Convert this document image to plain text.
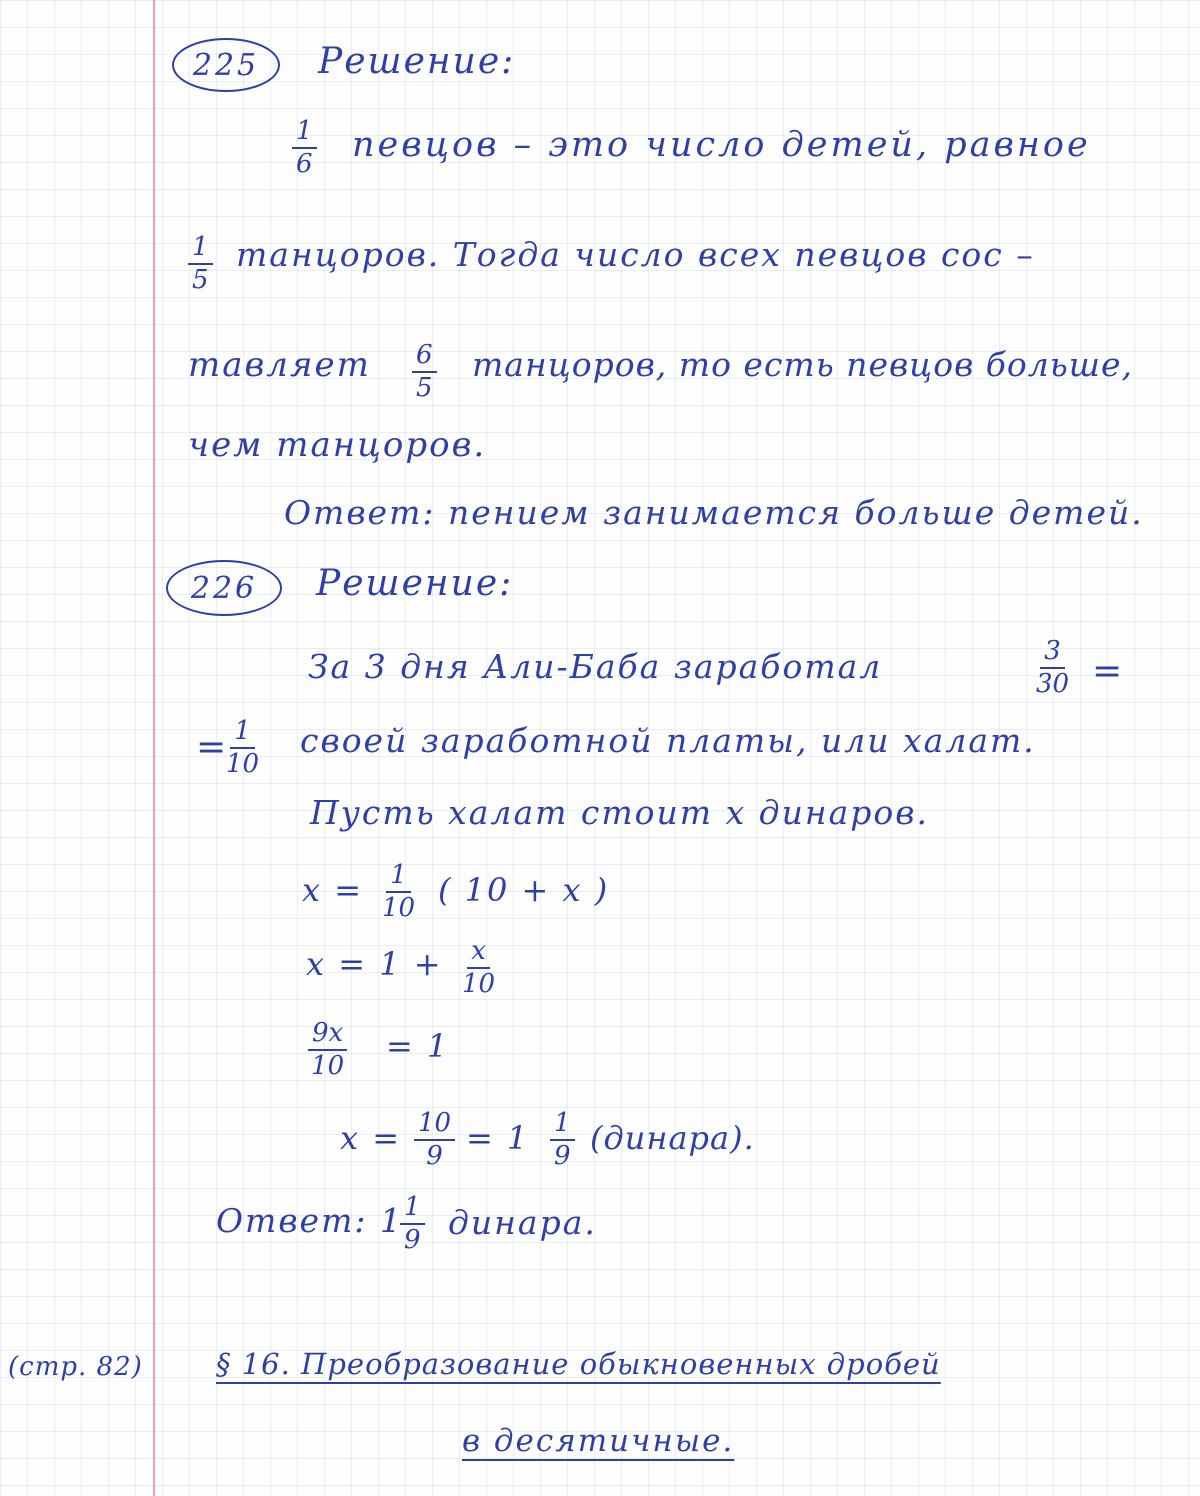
225 Решение:
$\frac{1}{6}$ певцов – это число детей, равное
$\frac{1}{5}$ танцоров. Тогда число всех певцов сос –
тавляет $\frac{6}{5}$ танцоров, то есть певцов больше,
чем танцоров.
Ответ: пением занимается больше детей.
226 Решение:
За 3 дня Али-Баба заработал	$\frac{3}{30}$ =
=
$\frac{1}{10}$ своей заработной платы, или халат.
Пусть халат стоит x динаров.
$x = \frac{1}{10}$ ( 10 + x )
$x = 1 + \frac{x}{10}$
$\frac{9x}{10} = 1$
$x = \frac{10}{9} = 1 \frac{1}{9}$ (динара).
Ответ: 1
$\frac{1}{9}$ динара.
(стр. 82)	§ 16. Преобразование обыкновенных дробей
в десятичные.
